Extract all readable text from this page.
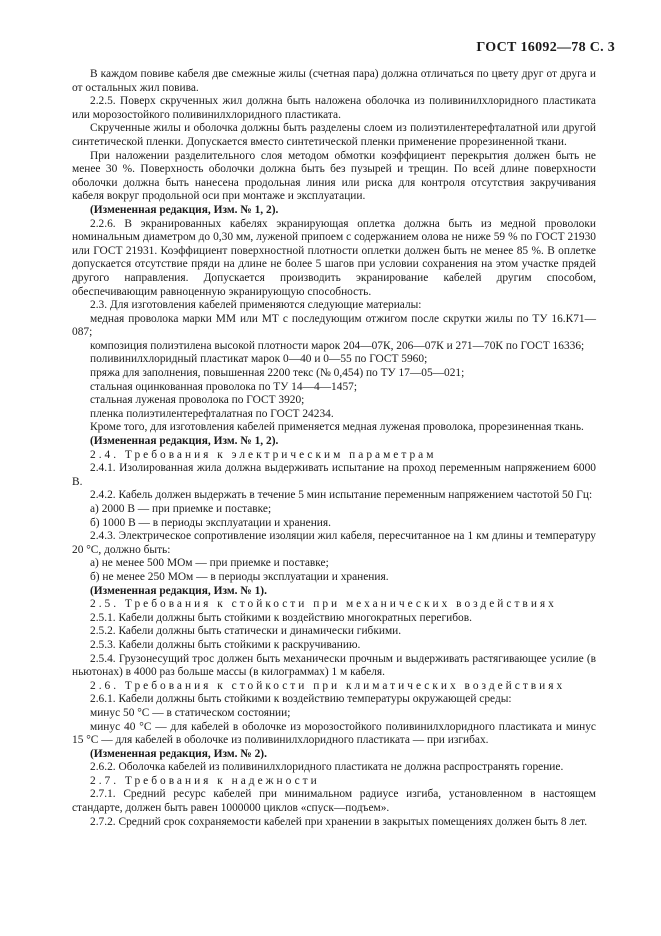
ГОСТ 16092—78 С. 3

В каждом повиве кабеля две смежные жилы (счетная пара) должна отличаться по цвету друг от друга и от остальных жил повива.

2.2.5. Поверх скрученных жил должна быть наложена оболочка из поливинилхлоридного пластиката или морозостойкого поливинилхлоридного пластиката.

Скрученные жилы и оболочка должны быть разделены слоем из полиэтилентерефталатной или другой синтетической пленки. Допускается вместо синтетической пленки применение прорезиненной ткани.

При наложении разделительного слоя методом обмотки коэффициент перекрытия должен быть не менее 30 %. Поверхность оболочки должна быть без пузырей и трещин. По всей длине поверхности оболочки должна быть нанесена продольная линия или риска для контроля отсутствия закручивания кабеля вокруг продольной оси при монтаже и эксплуатации.

(Измененная редакция, Изм. № 1, 2).

2.2.6. В экранированных кабелях экранирующая оплетка должна быть из медной проволоки номинальным диаметром до 0,30 мм, луженой припоем с содержанием олова не ниже 59 % по ГОСТ 21930 или ГОСТ 21931. Коэффициент поверхностной плотности оплетки должен быть не менее 85 %. В оплетке допускается отсутствие пряди на длине не более 5 шагов при условии сохранения на этом участке прядей другого направления. Допускается производить экранирование кабелей другим способом, обеспечивающим равноценную экранирующую способность.

2.3. Для изготовления кабелей применяются следующие материалы:

медная проволока марки ММ или МТ с последующим отжигом после скрутки жилы по ТУ 16.К71—087;

композиция полиэтилена высокой плотности марок 204—07К, 206—07К и 271—70К по ГОСТ 16336;

поливинилхлоридный пластикат марок 0—40 и 0—55 по ГОСТ 5960;

пряжа для заполнения, повышенная 2200 текс (№ 0,454) по ТУ 17—05—021;

стальная оцинкованная проволока по ТУ 14—4—1457;

стальная луженая проволока по ГОСТ 3920;

пленка полиэтилентерефталатная по ГОСТ 24234.

Кроме того, для изготовления кабелей применяется медная луженая проволока, прорезиненная ткань.

(Измененная редакция, Изм. № 1, 2).

2.4. Требования к электрическим параметрам

2.4.1. Изолированная жила должна выдерживать испытание на проход переменным напряжением 6000 В.

2.4.2. Кабель должен выдержать в течение 5 мин испытание переменным напряжением частотой 50 Гц:

а) 2000 В — при приемке и поставке;

б) 1000 В — в периоды эксплуатации и хранения.

2.4.3. Электрическое сопротивление изоляции жил кабеля, пересчитанное на 1 км длины и температуру 20 °С, должно быть:

а) не менее 500 МОм — при приемке и поставке;

б) не менее 250 МОм — в периоды эксплуатации и хранения.

(Измененная редакция, Изм. № 1).

2.5. Требования к стойкости при механических воздействиях

2.5.1. Кабели должны быть стойкими к воздействию многократных перегибов.

2.5.2. Кабели должны быть статически и динамически гибкими.

2.5.3. Кабели должны быть стойкими к раскручиванию.

2.5.4. Грузонесущий трос должен быть механически прочным и выдерживать растягивающее усилие (в ньютонах) в 4000 раз больше массы (в килограммах) 1 м кабеля.

2.6. Требования к стойкости при климатических воздействиях

2.6.1. Кабели должны быть стойкими к воздействию температуры окружающей среды:

минус 50 °С — в статическом состоянии;

минус 40 °С — для кабелей в оболочке из морозостойкого поливинилхлоридного пластиката и минус 15 °С — для кабелей в оболочке из поливинилхлоридного пластиката — при изгибах.

(Измененная редакция, Изм. № 2).

2.6.2. Оболочка кабелей из поливинилхлоридного пластиката не должна распространять горение.

2.7. Требования к надежности

2.7.1. Средний ресурс кабелей при минимальном радиусе изгиба, установленном в настоящем стандарте, должен быть равен 1000000 циклов «спуск—подъем».

2.7.2. Средний срок сохраняемости кабелей при хранении в закрытых помещениях должен быть 8 лет.
